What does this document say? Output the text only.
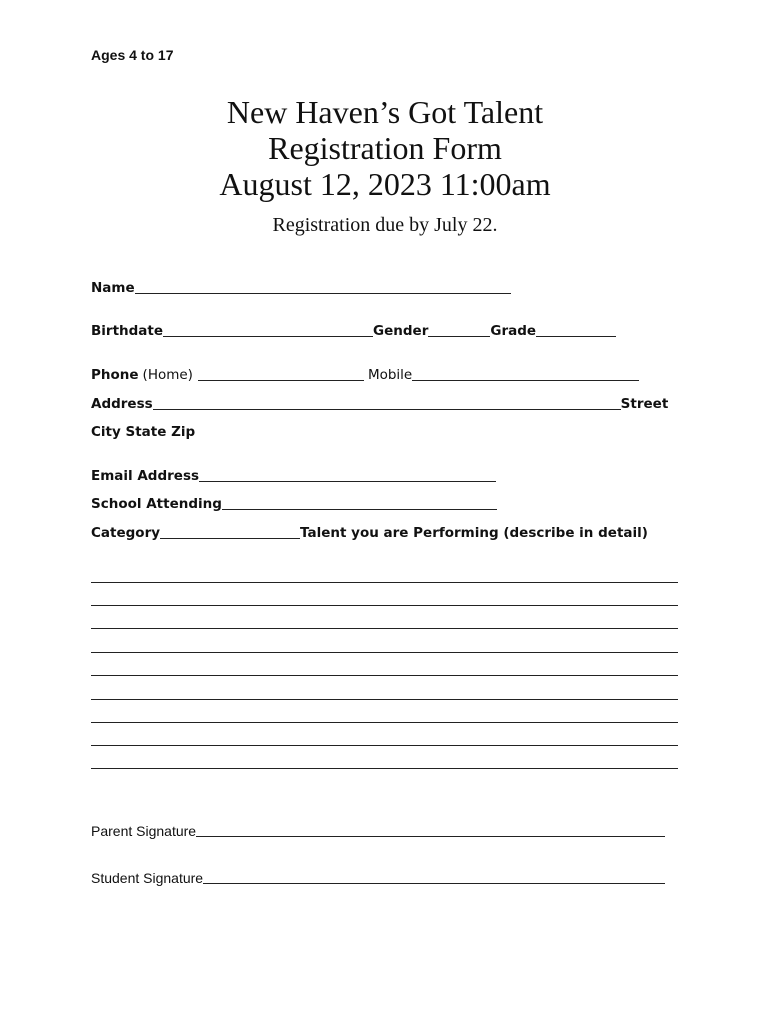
Ages 4 to 17
New Haven’s Got Talent
Registration Form
August 12, 2023 11:00am
Registration due by July 22.
Name
Birthdate	Gender	Grade
Phone (Home)	Mobile
Address	Street
City State Zip
Email Address
School Attending
Category	Talent you are Performing (describe in detail)
Parent Signature
Student Signature
